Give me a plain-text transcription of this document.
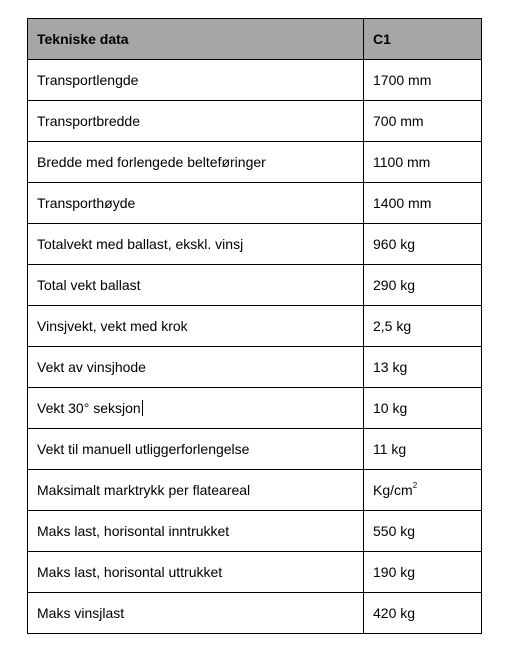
Tekniske data	C1
Transportlengde	1700 mm
Transportbredde	700 mm
Bredde med forlengede belteføringer	1100 mm
Transporthøyde	1400 mm
Totalvekt med ballast, ekskl. vinsj	960 kg
Total vekt ballast	290 kg
Vinsjvekt, vekt med krok	2,5 kg
Vekt av vinsjhode	13 kg
Vekt 30° seksjon	10 kg
Vekt til manuell utliggerforlengelse	11 kg
Maksimalt marktrykk per flateareal	$Kg/cm^2$
Maks last, horisontal inntrukket	550 kg
Maks last, horisontal uttrukket	190 kg
Maks vinsjlast	420 kg
